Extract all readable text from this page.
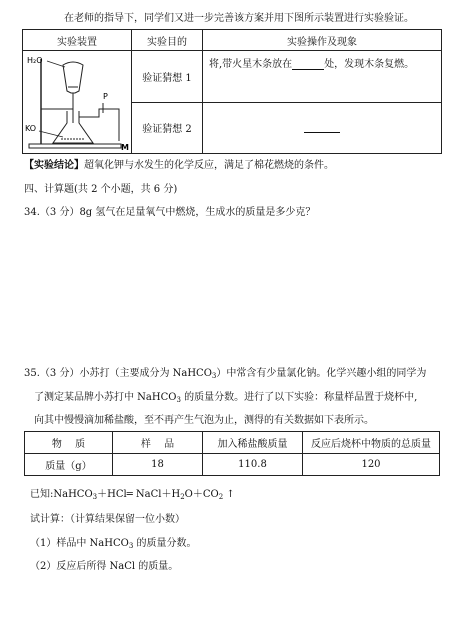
在老师的指导下，同学们又进一步完善该方案并用下图所示装置进行实验验证。
实验装置	实验目的	实验操作及现象

H₂O
P
KO
M	验证猜想 1	将,带火星木条放在 处，发现木条复燃。
	验证猜想 2	
【实验结论】超氧化钾与水发生的化学反应，满足了棉花燃烧的条件。
四、计算题(共 2 个小题，共 6 分)
34.（3 分）8g 氢气在足量氧气中燃烧，生成水的质量是多少克？
35.（3 分）小苏打（主要成分为 NaHCO$_3$）中常含有少量氯化钠。化学兴趣小组的同学为
了测定某品牌小苏打中 NaHCO$_3$ 的质量分数。进行了以下实验：称量样品置于烧杯中,
向其中慢慢滴加稀盐酸，至不再产生气泡为止，测得的有关数据如下表所示。
物　 质	样　 品	加入稀盐酸质量	反应后烧杯中物质的总质量
质量（g）	18	110.8	120
已知:NaHCO$_3$＋HCl═ $NaCl+H_2O+CO_2$ ↑
试计算：（计算结果保留一位小数）
（1）样品中 NaHCO$_3$ 的质量分数。
（2）反应后所得 NaCl 的质量。
